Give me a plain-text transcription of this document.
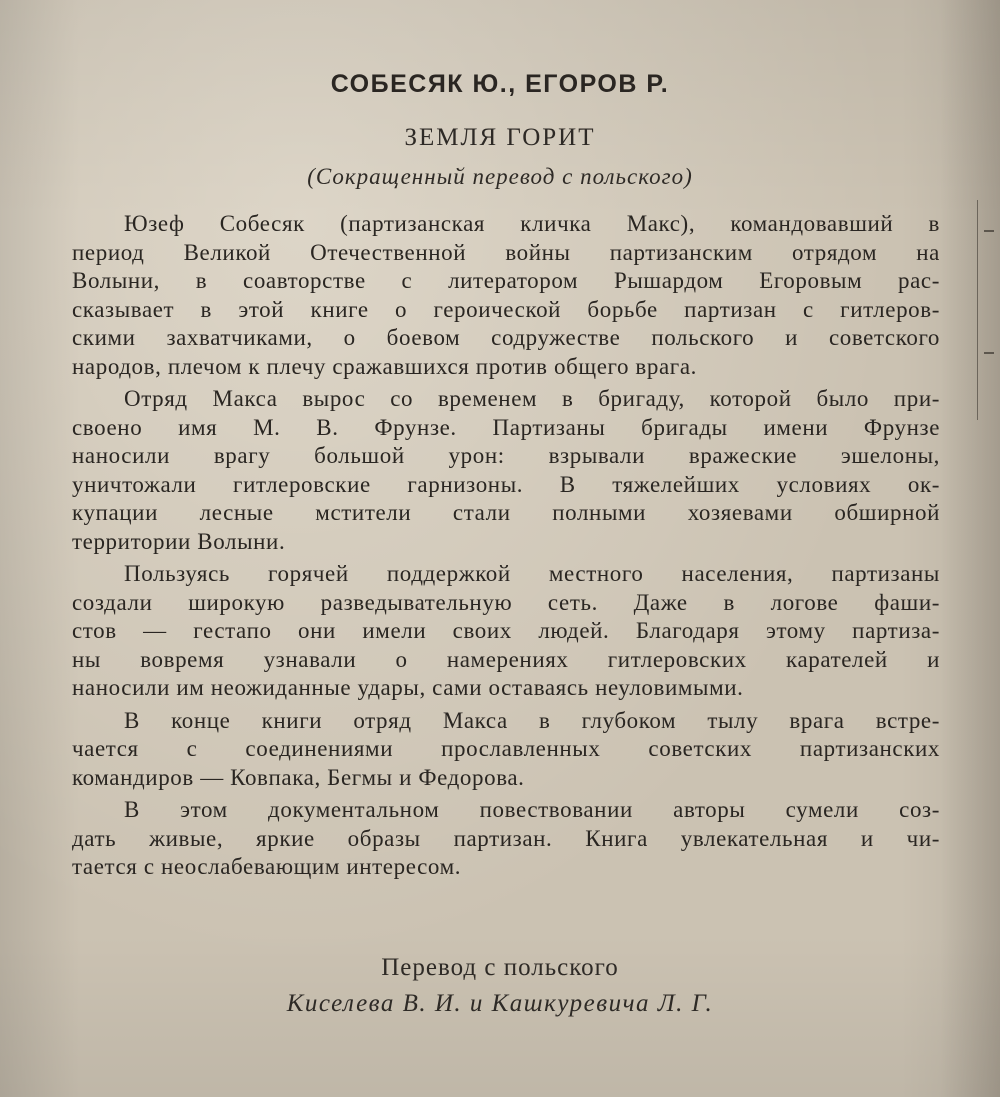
СОБЕСЯК Ю., ЕГОРОВ Р.
ЗЕМЛЯ ГОРИТ
(Сокращенный перевод с польского)
Юзеф Собесяк (партизанская кличка Макс), командовавший в
период Великой Отечественной войны партизанским отрядом на
Волыни, в соавторстве с литератором Рышардом Егоровым рас-
сказывает в этой книге о героической борьбе партизан с гитлеров-
скими захватчиками, о боевом содружестве польского и советского
народов, плечом к плечу сражавшихся против общего врага.
Отряд Макса вырос со временем в бригаду, которой было при-
своено имя М. В. Фрунзе. Партизаны бригады имени Фрунзе
наносили врагу большой урон: взрывали вражеские эшелоны,
уничтожали гитлеровские гарнизоны. В тяжелейших условиях ок-
купации лесные мстители стали полными хозяевами обширной
территории Волыни.
Пользуясь горячей поддержкой местного населения, партизаны
создали широкую разведывательную сеть. Даже в логове фаши-
стов — гестапо они имели своих людей. Благодаря этому партиза-
ны вовремя узнавали о намерениях гитлеровских карателей и
наносили им неожиданные удары, сами оставаясь неуловимыми.
В конце книги отряд Макса в глубоком тылу врага встре-
чается с соединениями прославленных советских партизанских
командиров — Ковпака, Бегмы и Федорова.
В этом документальном повествовании авторы сумели соз-
дать живые, яркие образы партизан. Книга увлекательная и чи-
тается с неослабевающим интересом.
Перевод с польского
Киселева В. И. и Кашкуревича Л. Г.
